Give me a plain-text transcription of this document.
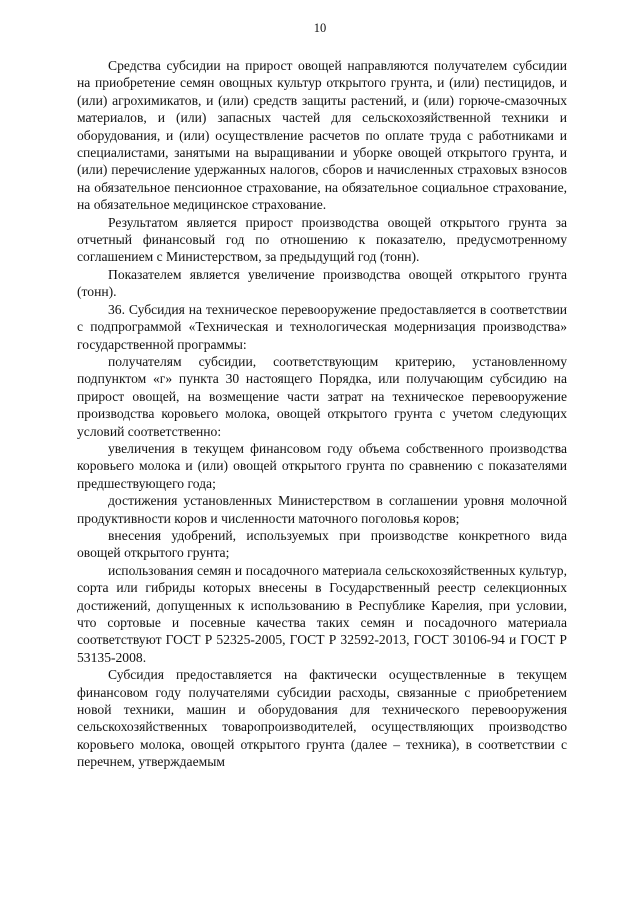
10

Средства субсидии на прирост овощей направляются получателем субсидии на приобретение семян овощных культур открытого грунта, и (или) пестицидов, и (или) агрохимикатов, и (или) средств защиты растений, и (или) горюче-смазочных материалов, и (или) запасных частей для сельскохозяйственной техники и оборудования, и (или) осуществление расчетов по оплате труда с работниками и специалистами, занятыми на выращивании и уборке овощей открытого грунта, и (или) перечисление удержанных налогов, сборов и начисленных страховых взносов на обязательное пенсионное страхование, на обязательное социальное страхование, на обязательное медицинское страхование.

Результатом является прирост производства овощей открытого грунта за отчетный финансовый год по отношению к показателю, предусмотренному соглашением с Министерством, за предыдущий год (тонн).

Показателем является увеличение производства овощей открытого грунта (тонн).

36. Субсидия на техническое перевооружение предоставляется в соответствии с подпрограммой «Техническая и технологическая модернизация производства» государственной программы:

получателям субсидии, соответствующим критерию, установленному подпунктом «г» пункта 30 настоящего Порядка, или получающим субсидию на прирост овощей, на возмещение части затрат на техническое перевооружение производства коровьего молока, овощей открытого грунта с учетом следующих условий соответственно:

увеличения в текущем финансовом году объема собственного производства коровьего молока и (или) овощей открытого грунта по сравнению с показателями предшествующего года;

достижения установленных Министерством в соглашении уровня молочной продуктивности коров и численности маточного поголовья коров;

внесения удобрений, используемых при производстве конкретного вида овощей открытого грунта;

использования семян и посадочного материала сельскохозяйственных культур, сорта или гибриды которых внесены в Государственный реестр селекционных достижений, допущенных к использованию в Республике Карелия, при условии, что сортовые и посевные качества таких семян и посадочного материала соответствуют ГОСТ Р 52325-2005, ГОСТ Р 32592-2013, ГОСТ 30106-94 и ГОСТ Р 53135-2008.

Субсидия предоставляется на фактически осуществленные в текущем финансовом году получателями субсидии расходы, связанные с приобретением новой техники, машин и оборудования для технического перевооружения сельскохозяйственных товаропроизводителей, осуществляющих производство коровьего молока, овощей открытого грунта (далее – техника), в соответствии с перечнем, утверждаемым
